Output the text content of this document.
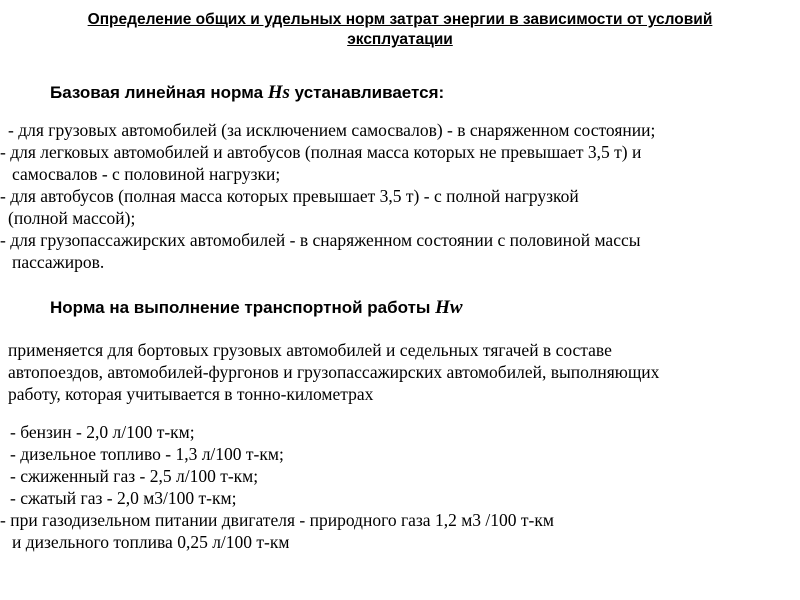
Определение общих и удельных норм затрат энергии в зависимости от условий
эксплуатации
Базовая линейная норма Hs устанавливается:
- для грузовых автомобилей (за исключением самосвалов) - в снаряженном состоянии;
- для легковых автомобилей и автобусов (полная масса которых не превышает 3,5 т) и
самосвалов - с половиной нагрузки;
- для автобусов (полная масса которых превышает 3,5 т) - с полной нагрузкой
(полной массой);
- для грузопассажирских автомобилей - в снаряженном состоянии с половиной массы
пассажиров.
Норма на выполнение транспортной работы Hw
применяется для бортовых грузовых автомобилей и седельных тягачей в составе
автопоездов, автомобилей-фургонов и грузопассажирских автомобилей, выполняющих
работу, которая учитывается в тонно-километрах
- бензин - 2,0 л/100 т-км;
- дизельное топливо - 1,3 л/100 т-км;
- сжиженный газ - 2,5 л/100 т-км;
- сжатый газ - 2,0 м3/100 т-км;
- при газодизельном питании двигателя - природного газа 1,2 м3 /100 т-км
и дизельного топлива 0,25 л/100 т-км
